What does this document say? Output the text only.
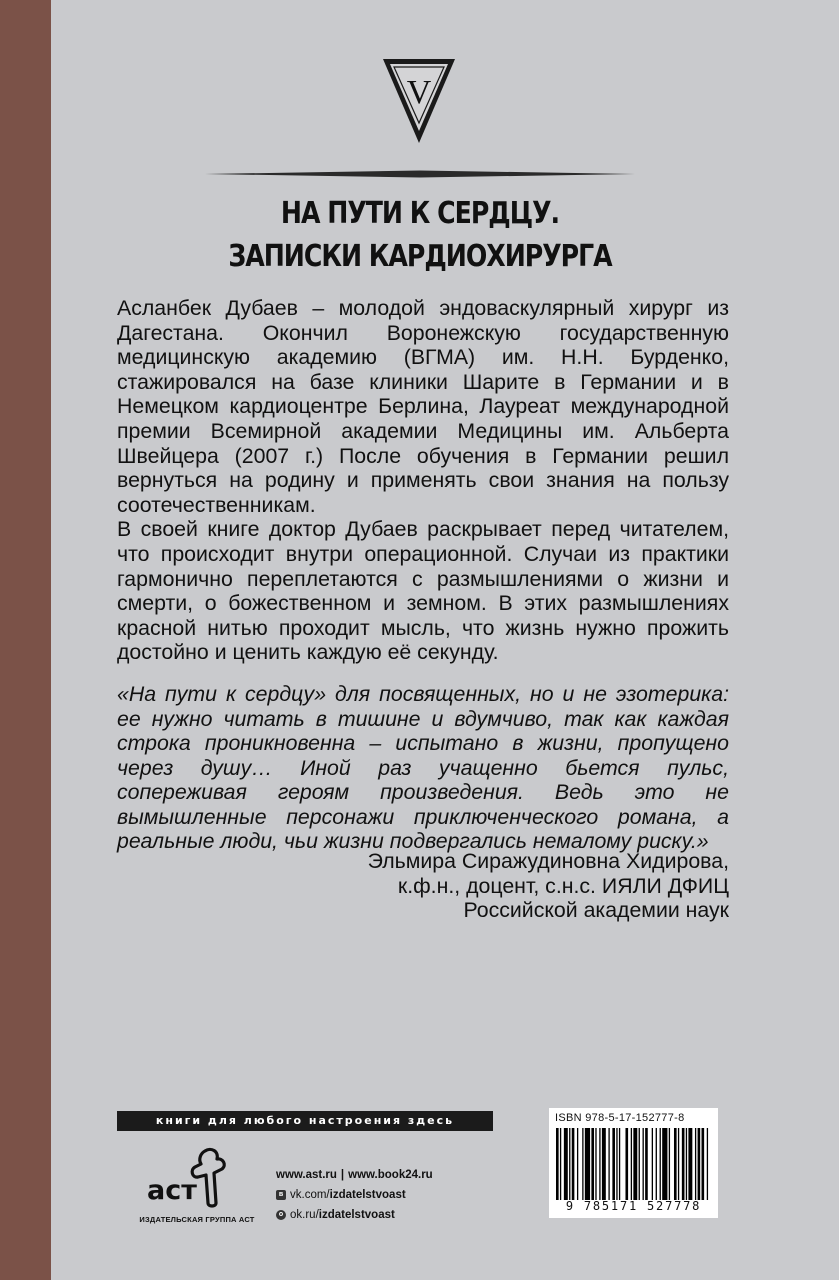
V
НА ПУТИ К СЕРДЦУ.
ЗАПИСКИ КАРДИОХИРУРГА

Асланбек Дубаев – молодой эндоваскулярный хирург из Дагестана. Окончил Воронежскую государственную медицинскую академию (ВГМА) им. Н.Н. Бурденко, стажировался на базе клиники Шарите в Германии и в Немецком кардиоцентре Берлина, Лауреат международной премии Всемирной академии Медицины им. Альберта Швейцера (2007 г.) После обучения в Германии решил вернуться на родину и применять свои знания на пользу соотечественникам.

В своей книге доктор Дубаев раскрывает перед читателем, что происходит внутри операционной. Случаи из практики гармонично переплетаются с размышлениями о жизни и смерти, о божественном и земном. В этих размышлениях красной нитью проходит мысль, что жизнь нужно прожить достойно и ценить каждую её секунду.

«На пути к сердцу» для посвященных, но и не эзотерика: ее нужно читать в тишине и вдумчиво, так как каждая строка проникновенна – испытано в жизни, пропущено через душу… Иной раз учащенно бьется пульс, сопереживая героям произведения. Ведь это не вымышленные персонажи приключенческого романа, а реальные люди, чьи жизни подвергались немалому риску.»

Эльмира Сиражудиновна Хидирова,
к.ф.н., доцент, с.н.с. ИЯЛИ ДФИЦ
Российской академии наук
книги для любого настроения здесь
аст
ИЗДАТЕЛЬСКАЯ ГРУППА АСТ
www.ast.ru | www.book24.ru
в vk.com/ izdatelstvoast
о ok.ru/ izdatelstvoast
ISBN 978-5-17-152777-8
9 785171 527778
